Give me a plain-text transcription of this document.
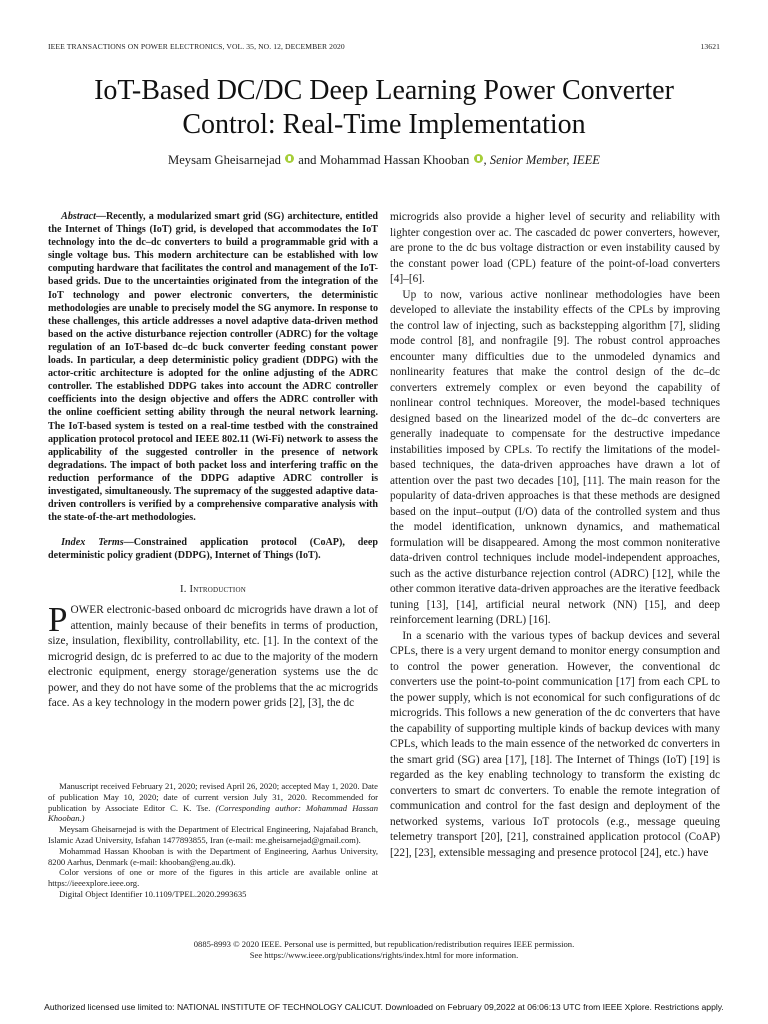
IEEE TRANSACTIONS ON POWER ELECTRONICS, VOL. 35, NO. 12, DECEMBER 2020	13621
IoT-Based DC/DC Deep Learning Power Converter
Control: Real-Time Implementation
Meysam Gheisarnejad and Mohammad Hassan Khooban , Senior Member, IEEE

Abstract—Recently, a modularized smart grid (SG) architecture, entitled the Internet of Things (IoT) grid, is developed that accommodates the IoT technology into the dc–dc converters to build a programmable grid with a single voltage bus. This modern architecture can be established with low computing hardware that facilitates the control and management of the IoT-based grids. Due to the uncertainties originated from the integration of the IoT technology and power electronic converters, the deterministic methodologies are unable to precisely model the SG anymore. In response to these challenges, this article addresses a novel adaptive data-driven method based on the active disturbance rejection controller (ADRC) for the voltage regulation of an IoT-based dc–dc buck converter feeding constant power loads. In particular, a deep deterministic policy gradient (DDPG) with the actor-critic architecture is adopted for the online adjusting of the ADRC controller. The established DDPG takes into account the ADRC controller coefficients into the design objective and offers the ADRC controller with the online coefficient setting ability through the neural network learning. The IoT-based system is tested on a real-time testbed with the constrained application protocol protocol and IEEE 802.11 (Wi-Fi) network to assess the applicability of the suggested controller in the presence of network degradations. The impact of both packet loss and interfering traffic on the reduction performance of the DDPG adaptive ADRC controller is investigated, simultaneously. The supremacy of the suggested adaptive data-driven controllers is verified by a comprehensive comparative analysis with the state-of-the-art methodologies.

Index Terms—Constrained application protocol (CoAP), deep deterministic policy gradient (DDPG), Internet of Things (IoT).

I. Introduction

POWER electronic-based onboard dc microgrids have drawn a lot of attention, mainly because of their benefits in terms of production, size, insulation, flexibility, controllability, etc. [1]. In the context of the microgrid design, dc is preferred to ac due to the majority of the modern electronic equipment, energy storage/generation systems use the dc power, and they do not have some of the problems that the ac microgrids face. As a key technology in the modern power grids [2], [3], the dc

microgrids also provide a higher level of security and reliability with lighter congestion over ac. The cascaded dc power converters, however, are prone to the dc bus voltage distraction or even instability caused by the constant power load (CPL) feature of the point-of-load converters [4]–[6].

Up to now, various active nonlinear methodologies have been developed to alleviate the instability effects of the CPLs by improving the control law of injecting, such as backstepping algorithm [7], sliding mode control [8], and nonfragile [9]. The robust control approaches encounter many difficulties due to the unmodeled dynamics and nonlinearity features that make the control design of the dc–dc converters extremely complex or even beyond the capability of nonlinear control techniques. Moreover, the model-based techniques designed based on the linearized model of the dc–dc converters are generally inadequate to compensate for the destructive impedance instabilities imposed by CPLs. To rectify the limitations of the model-based techniques, the data-driven approaches have drawn a lot of attention over the past two decades [10], [11]. The main reason for the popularity of data-driven approaches is that these methods are designed based on the input–output (I/O) data of the controlled system and thus the model identification, unknown dynamics, and mathematical formulation will be disappeared. Among the most common noniterative data-driven control techniques include model-independent approaches, such as the active disturbance rejection control (ADRC) [12], while the other common iterative data-driven approaches are the iterative feedback tuning [13], [14], artificial neural network (NN) [15], and deep reinforcement learning (DRL) [16].

In a scenario with the various types of backup devices and several CPLs, there is a very urgent demand to monitor energy consumption and to control the power generation. However, the conventional dc converters use the point-to-point communication [17] from each CPL to the power supply, which is not economical for such configurations of dc microgrids. This follows a new generation of the dc converters that have the capability of supporting multiple kinds of backup devices with many CPLs, which leads to the main essence of the networked dc converters in the smart grid (SG) area [17], [18]. The Internet of Things (IoT) [19] is regarded as the key enabling technology to transform the existing dc converters to smart dc converters. To enable the remote integration of communication and control for the fast design and deployment of the networked systems, various IoT protocols (e.g., message queuing telemetry transport [20], [21], constrained application protocol (CoAP) [22], [23], extensible messaging and presence protocol [24], etc.) have

Manuscript received February 21, 2020; revised April 26, 2020; accepted May 1, 2020. Date of publication May 10, 2020; date of current version July 31, 2020. Recommended for publication by Associate Editor C. K. Tse. (Corresponding author: Mohammad Hassan Khooban.)

Meysam Gheisarnejad is with the Department of Electrical Engineering, Najafabad Branch, Islamic Azad University, Isfahan 1477893855, Iran (e-mail: me.gheisarnejad@gmail.com).

Mohammad Hassan Khooban is with the Department of Engineering, Aarhus University, 8200 Aarhus, Denmark (e-mail: khooban@eng.au.dk).

Color versions of one or more of the figures in this article are available online at https://ieeexplore.ieee.org.

Digital Object Identifier 10.1109/TPEL.2020.2993635

0885-8993 © 2020 IEEE. Personal use is permitted, but republication/redistribution requires IEEE permission.
See https://www.ieee.org/publications/rights/index.html for more information.
Authorized licensed use limited to: NATIONAL INSTITUTE OF TECHNOLOGY CALICUT. Downloaded on February 09,2022 at 06:06:13 UTC from IEEE Xplore. Restrictions apply.
